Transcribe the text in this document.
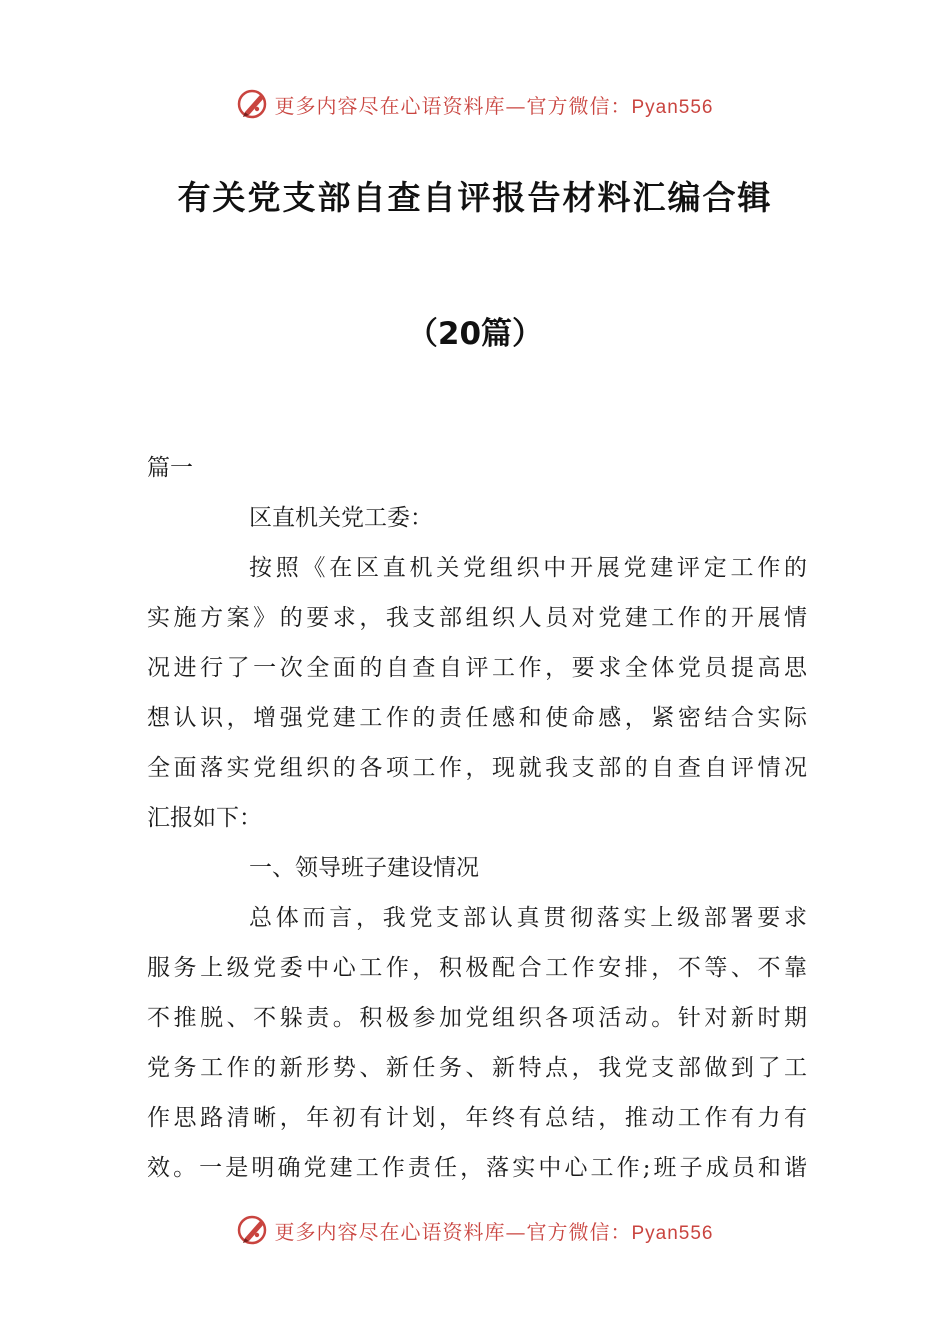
更多内容尽在心语资料库—官方微信：Pyan556
有关党支部自查自评报告材料汇编合辑
（20篇）
篇一
区直机关党工委：
按照《在区直机关党组织中开展党建评定工作的
实施方案》的要求，我支部组织人员对党建工作的开展情
况进行了一次全面的自查自评工作，要求全体党员提高思
想认识，增强党建工作的责任感和使命感，紧密结合实际
全面落实党组织的各项工作，现就我支部的自查自评情况
汇报如下：
一、领导班子建设情况
总体而言，我党支部认真贯彻落实上级部署要求
服务上级党委中心工作，积极配合工作安排，不等、不靠
不推脱、不躲责。积极参加党组织各项活动。针对新时期
党务工作的新形势、新任务、新特点，我党支部做到了工
作思路清晰，年初有计划，年终有总结，推动工作有力有
效。一是明确党建工作责任，落实中心工作;班子成员和谐
更多内容尽在心语资料库—官方微信：Pyan556
